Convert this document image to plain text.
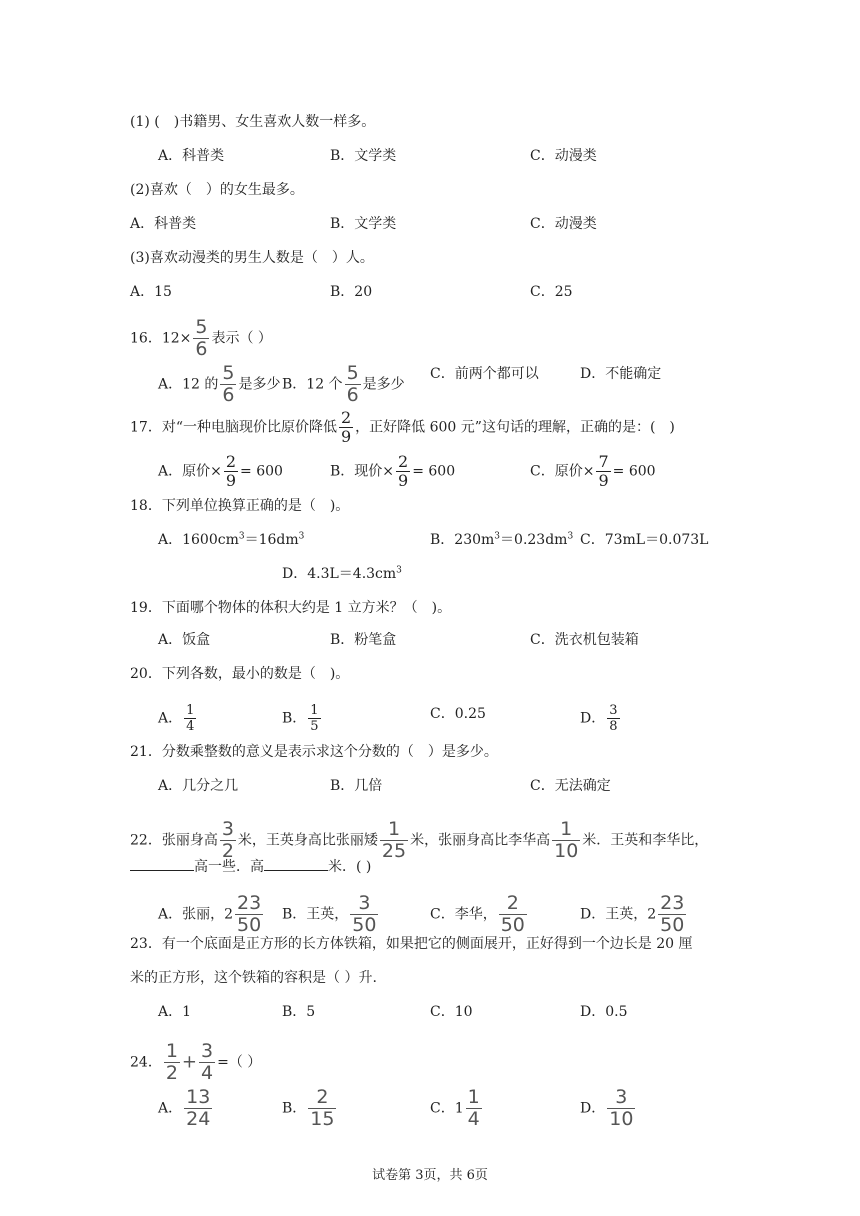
(1) (　)书籍男、女生喜欢人数一样多。
A．科普类	B．文学类	C．动漫类
(2)喜欢（　）的女生最多。
A．科普类	B．文学类	C．动漫类
(3)喜欢动漫类的男生人数是（　）人。
A．15	B．20	C．25
16．$12\times \frac{5}{6}$ 表示（ ）
A．12 的 $\frac{5}{6}$ 是多少 B．12 个 $\frac{5}{6}$ 是多少
C．前两个都可以	D．不能确定
17．对“一种电脑现价比原价降低 $\frac{2}{9}$ ，正好降低 600 元”这句话的理解，正确的是：(　)
A．原价× $\frac{2}{9} = 600$	B．现价× $\frac{2}{9} = 600$	C．原价× $\frac{7}{9} = 600$
18．下列单位换算正确的是（　)。
A．$1600cm^3=16dm^3$	B．$230m^3=0.23dm^3$ C．73mL＝0.073L
D．$4.3L=4.3cm^3$
19．下面哪个物体的体积大约是 1 立方米？（　)。
A．饭盒	B．粉笔盒	C．洗衣机包装箱
20．下列各数，最小的数是（　)。
A． $\frac{1}{4}$	B． $\frac{1}{5}$	C．0.25	D． $\frac{3}{8}$
21．分数乘整数的意义是表示求这个分数的（　）是多少。
A．几分之几	B．几倍	C．无法确定
22．张丽身高 $\frac{3}{2}$ 米，王英身高比张丽矮 $\frac{1}{25}$ 米，张丽身高比李华高 $\frac{1}{10}$ 米．王英和李华比，
高一些．高	米．( )
A．张丽，$2 \frac{23}{50}$ B．王英， $\frac{3}{50}$	C．李华， $\frac{2}{50}$	D．王英，$2 \frac{23}{50}$
23．有一个底面是正方形的长方体铁箱，如果把它的侧面展开，正好得到一个边长是 20 厘
米的正方形，这个铁箱的容积是（ ）升.
A．1	B．5	C．10	D．0.5
24． $\frac{1}{2} + \frac{3}{4}$ =（ ）
A． $\frac{13}{24}$	B． $\frac{2}{15}$	C．$1 \frac{1}{4}$	D． $\frac{3}{10}$
试卷第 3页，共 6页
